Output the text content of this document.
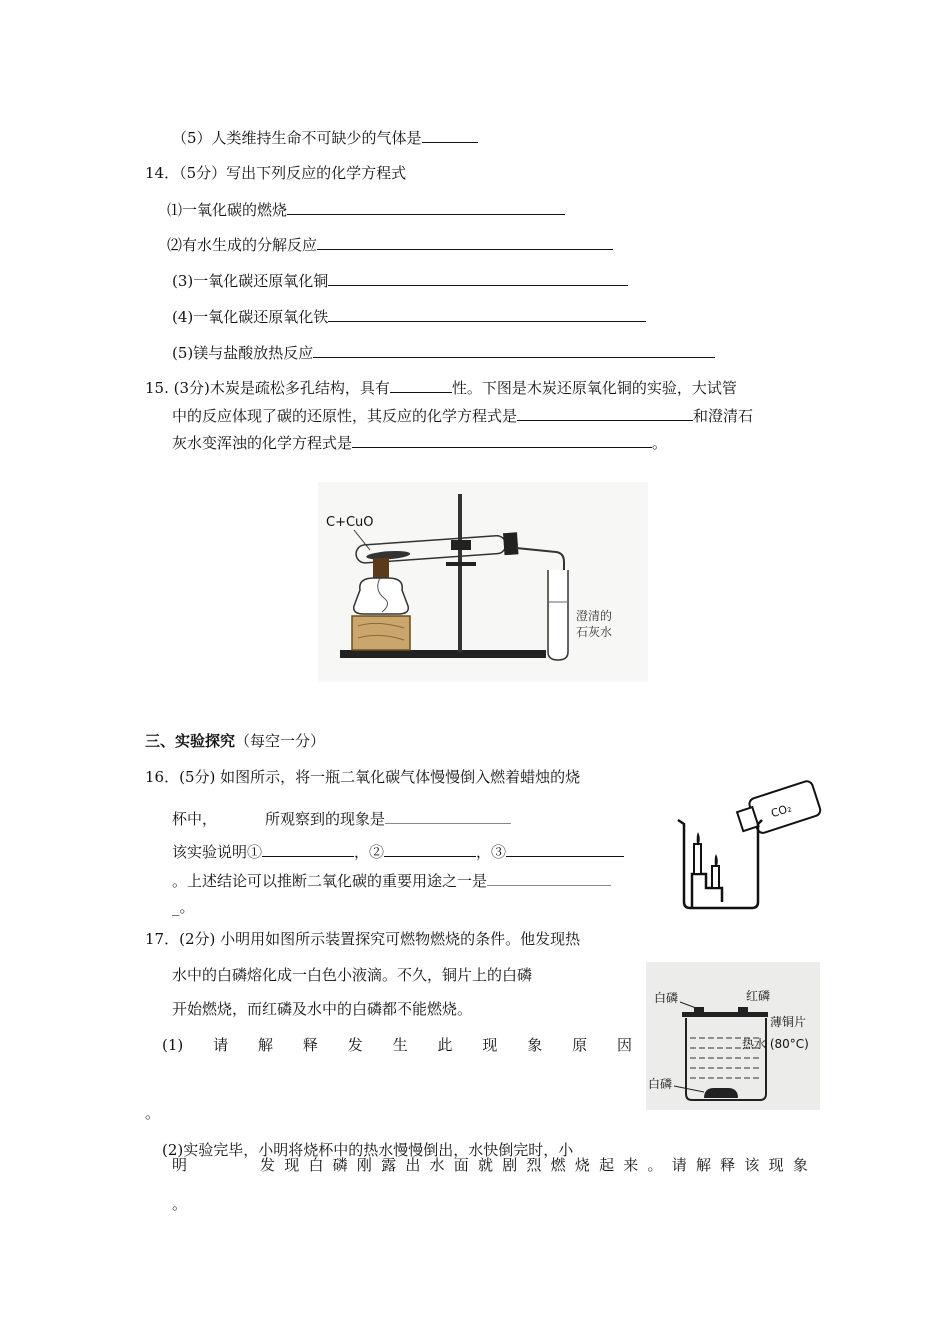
（5）人类维持生命不可缺少的气体是
14．（5分）写出下列反应的化学方程式
⑴一氧化碳的燃烧
⑵有水生成的分解反应
(3)一氧化碳还原氧化铜
(4)一氧化碳还原氧化铁
(5)镁与盐酸放热反应
15. (3分)木炭是疏松多孔结构，具有	性。下图是木炭还原氧化铜的实验，大试管
中的反应体现了碳的还原性，其反应的化学方程式是	和澄清石
灰水变浑浊的化学方程式是	。
C+CuO
澄清的
石灰水
三、实验探究（每空一分）
16．(5分) 如图所示，将一瓶二氧化碳气体慢慢倒入燃着蜡烛的烧
杯中，	所观察到的现象是
该实验说明①	，②	，③
。上述结论可以推断二氧化碳的重要用途之一是
_。
CO₂
17．(2分) 小明用如图所示装置探究可燃物燃烧的条件。他发现热
水中的白磷熔化成一白色小液滴。不久，铜片上的白磷
开始燃烧，而红磷及水中的白磷都不能燃烧。
(1) 请 解 释 发 生 此 现 象 原 因
。
(2)实验完毕，小明将烧杯中的热水慢慢倒出，水快倒完时，小
明	发 现 白 磷 刚 露 出 水 面 就 剧 烈 燃 烧 起 来 。 请 解 释 该 现 象
。
白磷	红磷
薄铜片
热水 (80°C)
白磷
